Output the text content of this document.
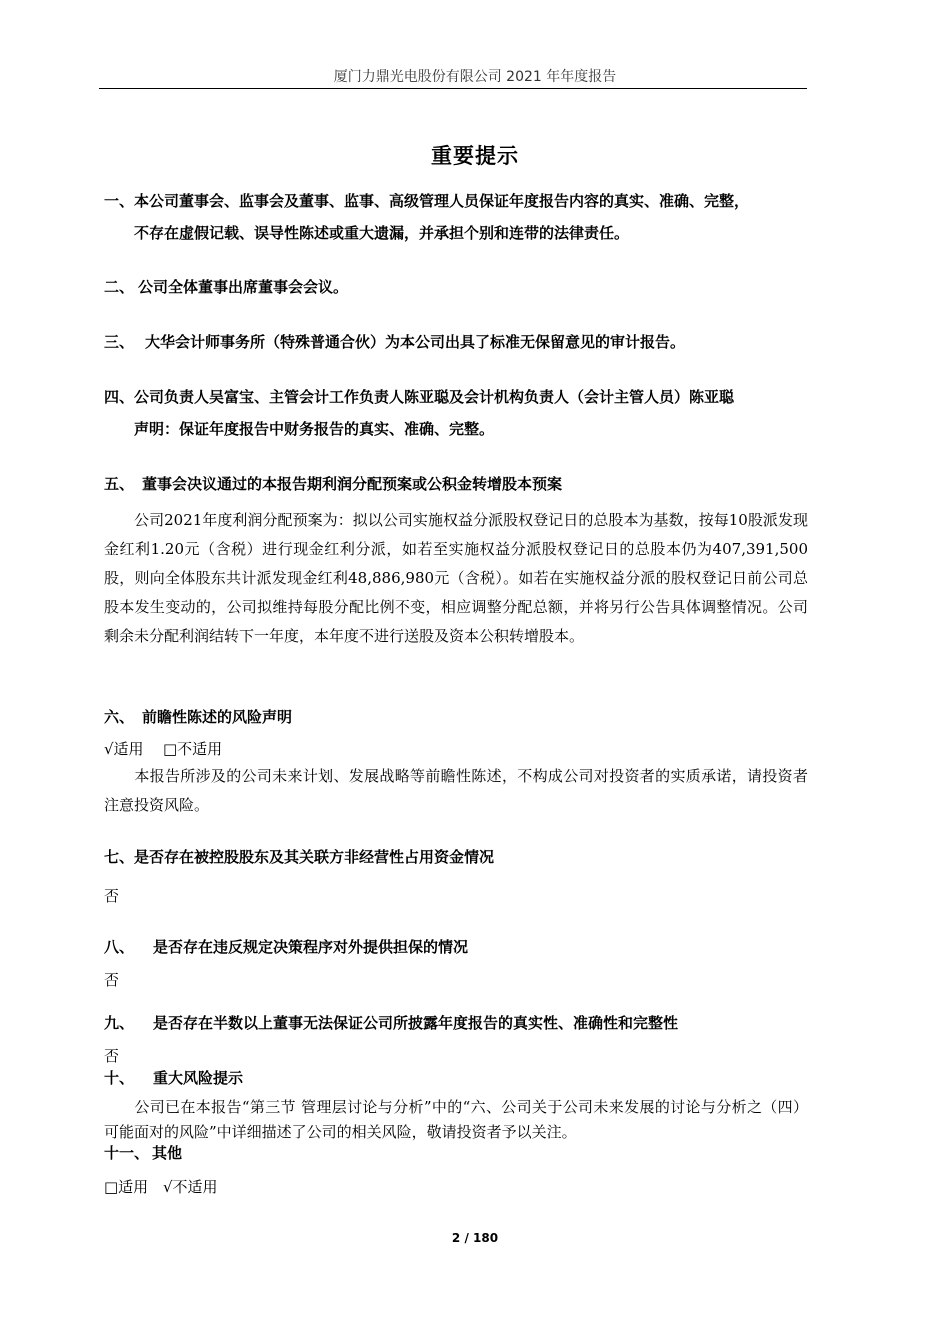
厦门力鼎光电股份有限公司 2021 年年度报告
重要提示
一、 本公司董事会、监事会及董事、监事、高级管理人员保证年度报告内容的真实、准确、完整，
不存在虚假记载、误导性陈述或重大遗漏，并承担个别和连带的法律责任。
二、 公司全体董事出席董事会会议。
三、 大华会计师事务所（特殊普通合伙）为本公司出具了标准无保留意见的审计报告。
四、 公司负责人吴富宝、主管会计工作负责人陈亚聪及会计机构负责人（会计主管人员）陈亚聪
声明：保证年度报告中财务报告的真实、准确、完整。
五、 董事会决议通过的本报告期利润分配预案或公积金转增股本预案
公司2021年度利润分配预案为：拟以公司实施权益分派股权登记日的总股本为基数，按每10股派发现金红利1.20元（含税）进行现金红利分派，如若至实施权益分派股权登记日的总股本仍为407,391,500股，则向全体股东共计派发现金红利48,886,980元（含税）。如若在实施权益分派的股权登记日前公司总股本发生变动的，公司拟维持每股分配比例不变，相应调整分配总额，并将另行公告具体调整情况。公司剩余未分配利润结转下一年度，本年度不进行送股及资本公积转增股本。
六、 前瞻性陈述的风险声明
√适用 □不适用
本报告所涉及的公司未来计划、发展战略等前瞻性陈述，不构成公司对投资者的实质承诺，请投资者注意投资风险。
七、 是否存在被控股股东及其关联方非经营性占用资金情况
否
八、 是否存在违反规定决策程序对外提供担保的情况
否
九、 是否存在半数以上董事无法保证公司所披露年度报告的真实性、准确性和完整性
否
十、 重大风险提示
公司已在本报告“第三节 管理层讨论与分析”中的“六、公司关于公司未来发展的讨论与分析之（四） 可能面对的风险”中详细描述了公司的相关风险，敬请投资者予以关注。
十一、 其他
□适用 √不适用
2 / 180
